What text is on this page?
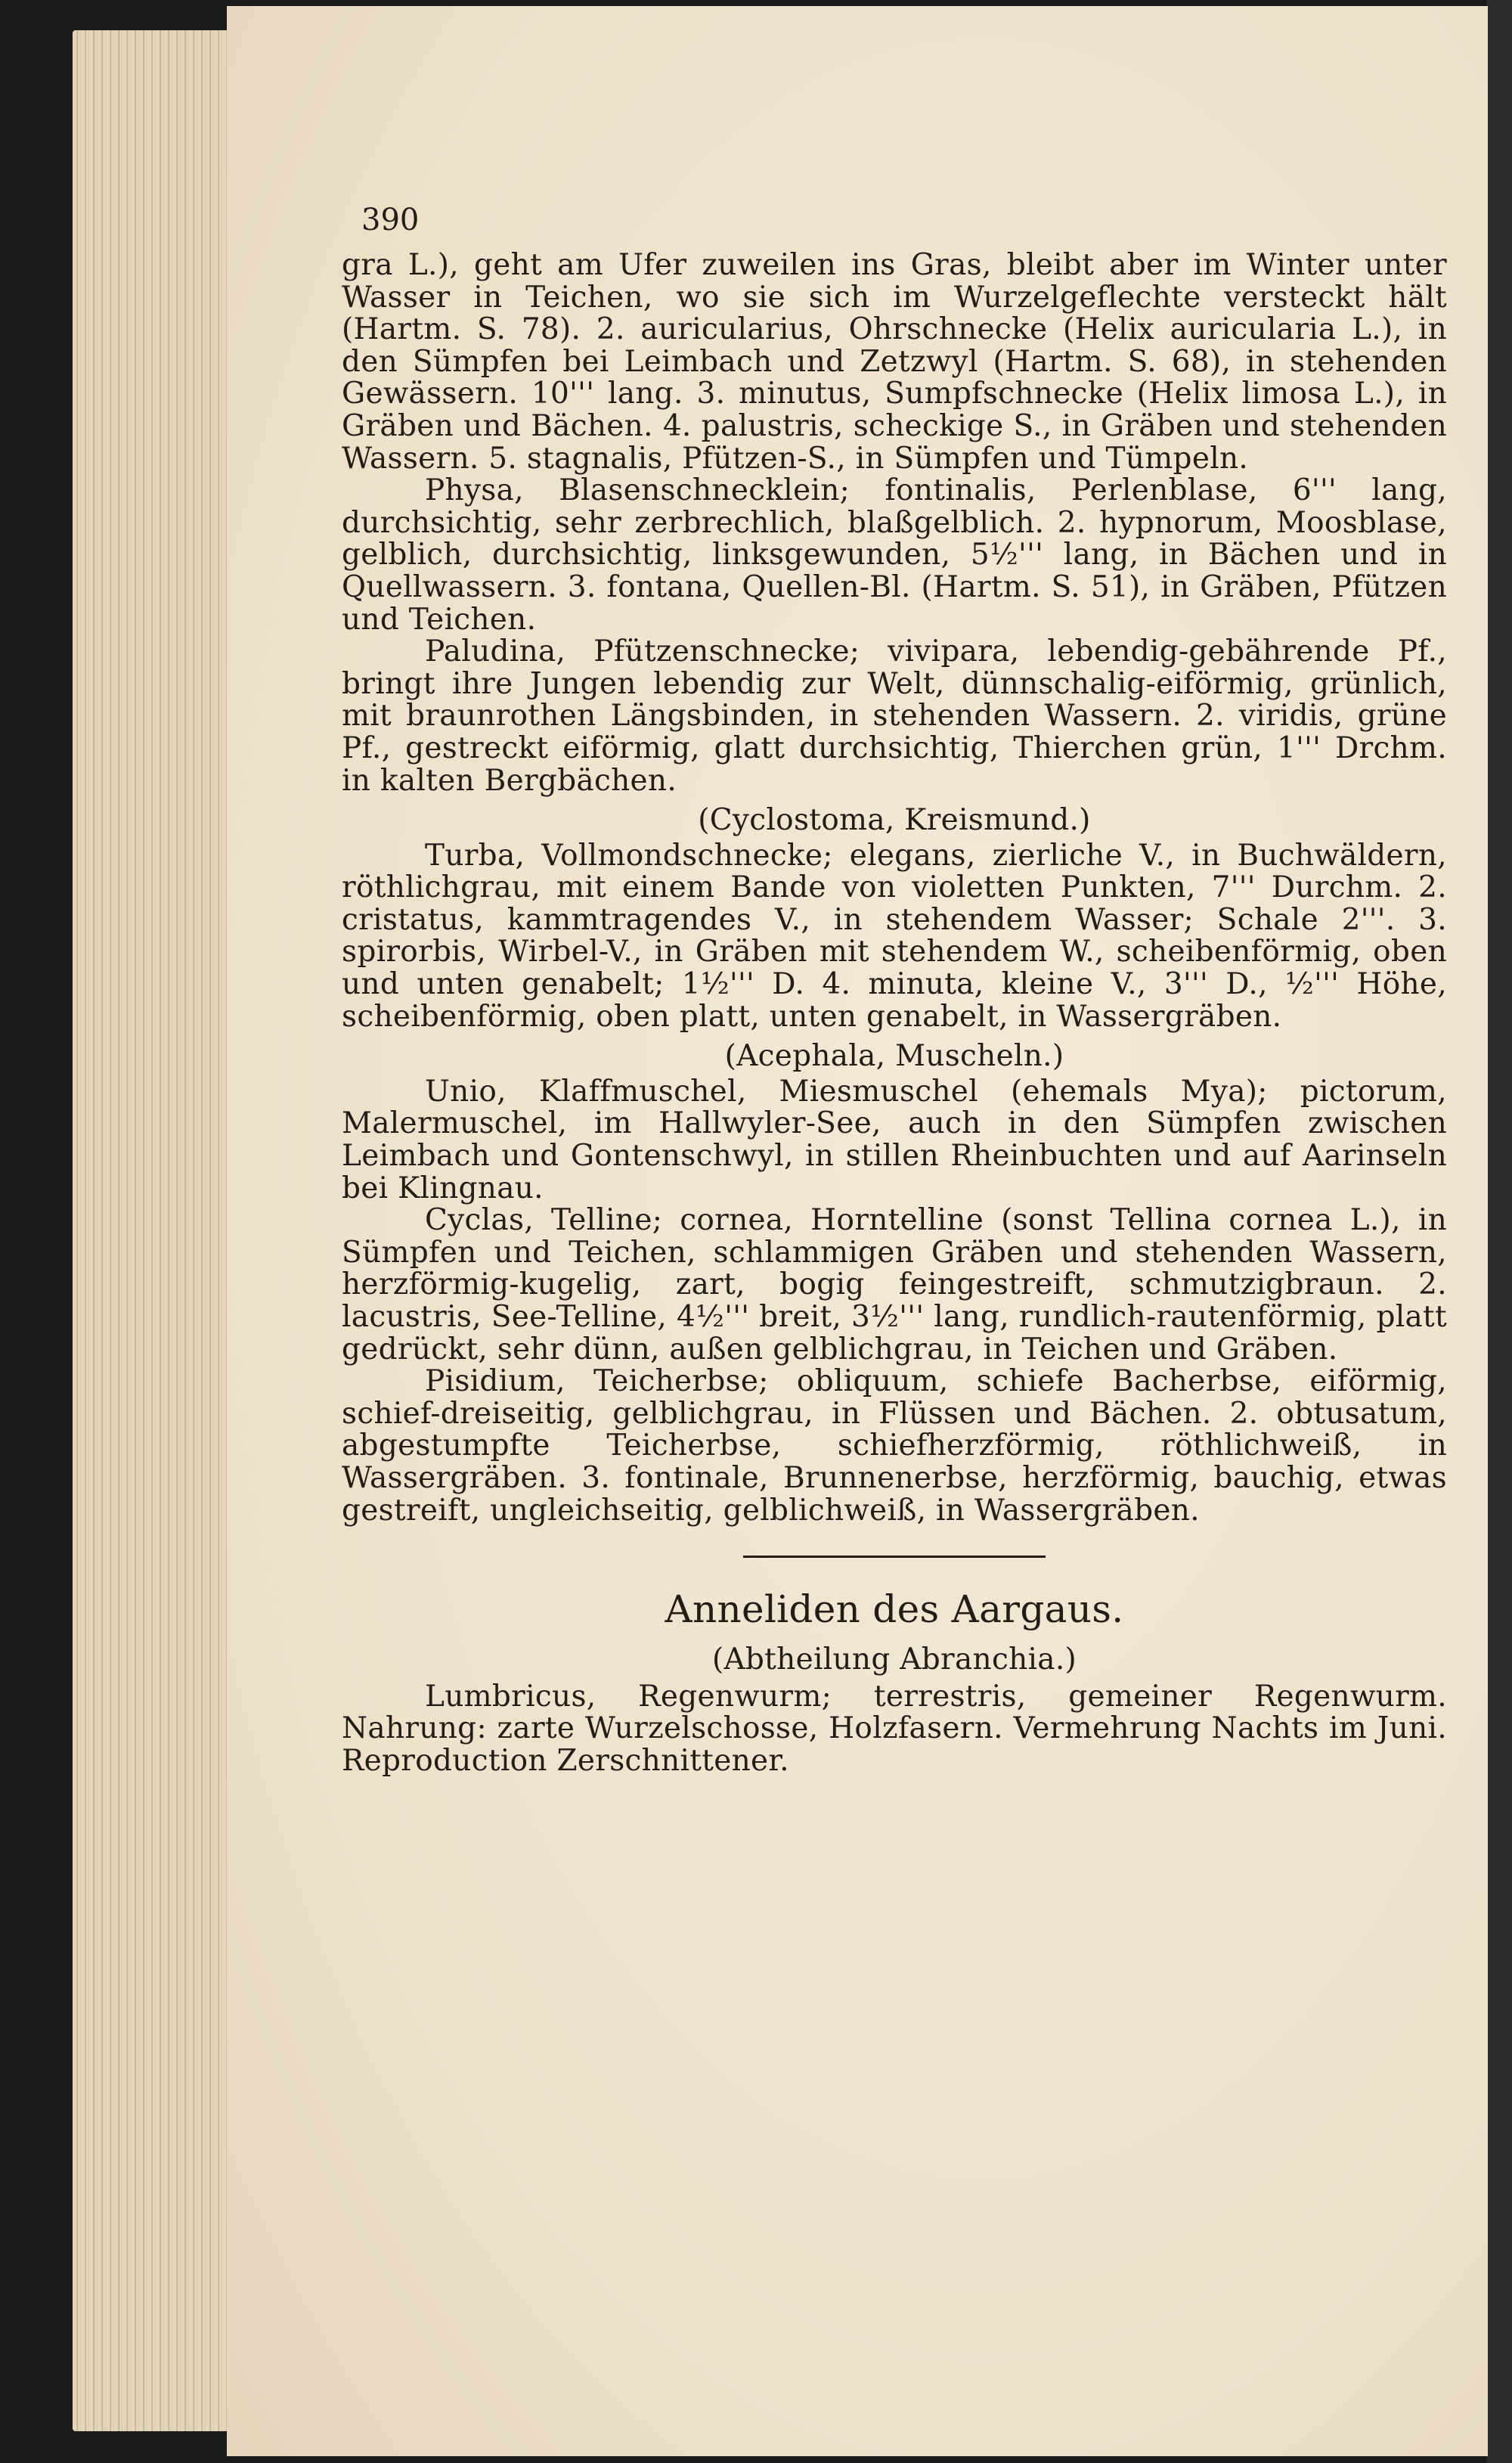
390

gra L.), geht am Ufer zuweilen ins Gras, bleibt aber im Winter unter Wasser in Teichen, wo sie sich im Wurzelgeflechte versteckt hält (Hartm. S. 78). 2. auricularius, Ohrschnecke (Helix auricularia L.), in den Sümpfen bei Leimbach und Zetzwyl (Hartm. S. 68), in stehenden Gewässern. 10''' lang. 3. minutus, Sumpfschnecke (Helix limosa L.), in Gräben und Bächen. 4. palustris, scheckige S., in Gräben und stehenden Wassern. 5. stagnalis, Pfützen-S., in Sümpfen und Tümpeln.

Physa, Blasenschnecklein; fontinalis, Perlenblase, 6''' lang, durchsichtig, sehr zerbrechlich, blaßgelblich. 2. hypnorum, Moosblase, gelblich, durchsichtig, linksgewunden, 5½''' lang, in Bächen und in Quellwassern. 3. fontana, Quellen-Bl. (Hartm. S. 51), in Gräben, Pfützen und Teichen.

Paludina, Pfützenschnecke; vivipara, lebendig-gebährende Pf., bringt ihre Jungen lebendig zur Welt, dünnschalig-eiförmig, grünlich, mit braunrothen Längsbinden, in stehenden Wassern. 2. viridis, grüne Pf., gestreckt eiförmig, glatt durchsichtig, Thierchen grün, 1''' Drchm. in kalten Bergbächen.

(Cyclostoma, Kreismund.)

Turba, Vollmondschnecke; elegans, zierliche V., in Buchwäldern, röthlichgrau, mit einem Bande von violetten Punkten, 7''' Durchm. 2. cristatus, kammtragendes V., in stehendem Wasser; Schale 2'''. 3. spirorbis, Wirbel-V., in Gräben mit stehendem W., scheibenförmig, oben und unten genabelt; 1½''' D. 4. minuta, kleine V., 3''' D., ½''' Höhe, scheibenförmig, oben platt, unten genabelt, in Wassergräben.

(Acephala, Muscheln.)

Unio, Klaffmuschel, Miesmuschel (ehemals Mya); pictorum, Malermuschel, im Hallwyler-See, auch in den Sümpfen zwischen Leimbach und Gontenschwyl, in stillen Rheinbuchten und auf Aarinseln bei Klingnau.

Cyclas, Telline; cornea, Horntelline (sonst Tellina cornea L.), in Sümpfen und Teichen, schlammigen Gräben und stehenden Wassern, herzförmig-kugelig, zart, bogig feingestreift, schmutzigbraun. 2. lacustris, See-Telline, 4½''' breit, 3½''' lang, rundlich-rautenförmig, platt gedrückt, sehr dünn, außen gelblichgrau, in Teichen und Gräben.

Pisidium, Teicherbse; obliquum, schiefe Bacherbse, eiförmig, schief-dreiseitig, gelblichgrau, in Flüssen und Bächen. 2. obtusatum, abgestumpfte Teicherbse, schiefherzförmig, röthlichweiß, in Wassergräben. 3. fontinale, Brunnenerbse, herzförmig, bauchig, etwas gestreift, ungleichseitig, gelblichweiß, in Wassergräben.

Anneliden des Aargaus.

(Abtheilung Abranchia.)

Lumbricus, Regenwurm; terrestris, gemeiner Regenwurm. Nahrung: zarte Wurzelschosse, Holzfasern. Vermehrung Nachts im Juni. Reproduction Zerschnittener.
